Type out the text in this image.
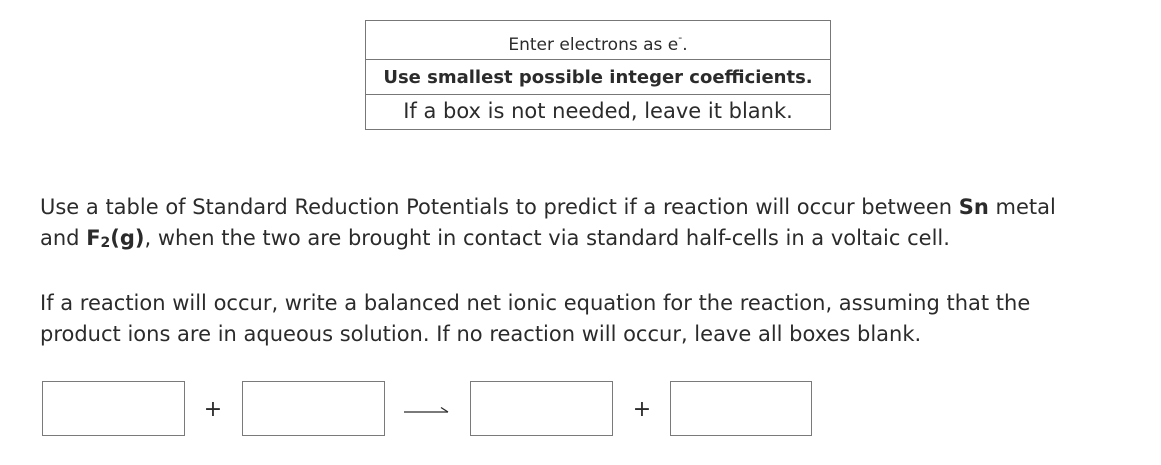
Enter electrons as e-.
Use smallest possible integer coefficients.
If a box is not needed, leave it blank.

Use a table of Standard Reduction Potentials to predict if a reaction will occur between Sn metal
and $F_2(g)$, when the two are brought in contact via standard half-cells in a voltaic cell.

If a reaction will occur, write a balanced net ionic equation for the reaction, assuming that the
product ions are in aqueous solution. If no reaction will occur, leave all boxes blank.

+	+
